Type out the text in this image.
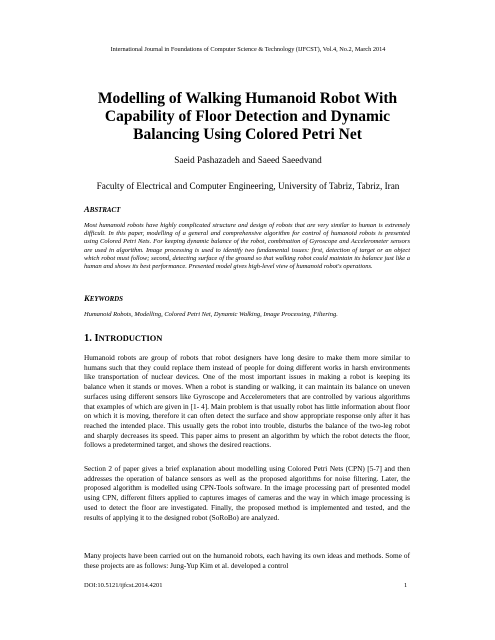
International Journal in Foundations of Computer Science & Technology (IJFCST), Vol.4, No.2, March 2014
Modelling of Walking Humanoid Robot With Capability of Floor Detection and Dynamic Balancing Using Colored Petri Net
Saeid Pashazadeh and Saeed Saeedvand
Faculty of Electrical and Computer Engineering, University of Tabriz, Tabriz, Iran
ABSTRACT
Most humanoid robots have highly complicated structure and design of robots that are very similar to human is extremely difficult. In this paper, modelling of a general and comprehensive algorithm for control of humanoid robots is presented using Colored Petri Nets. For keeping dynamic balance of the robot, combination of Gyroscope and Accelerometer sensors are used in algorithm. Image processing is used to identify two fundamental issues: first, detection of target or an object which robot must follow; second, detecting surface of the ground so that walking robot could maintain its balance just like a human and shows its best performance. Presented model gives high-level view of humanoid robot's operations.
KEYWORDS
Humanoid Robots, Modelling, Colored Petri Net, Dynamic Walking, Image Processing, Filtering.
1. INTRODUCTION
Humanoid robots are group of robots that robot designers have long desire to make them more similar to humans such that they could replace them instead of people for doing different works in harsh environments like transportation of nuclear devices. One of the most important issues in making a robot is keeping its balance when it stands or moves. When a robot is standing or walking, it can maintain its balance on uneven surfaces using different sensors like Gyroscope and Accelerometers that are controlled by various algorithms that examples of which are given in [1- 4]. Main problem is that usually robot has little information about floor on which it is moving, therefore it can often detect the surface and show appropriate response only after it has reached the intended place. This usually gets the robot into trouble, disturbs the balance of the two-leg robot and sharply decreases its speed. This paper aims to present an algorithm by which the robot detects the floor, follows a predetermined target, and shows the desired reactions.
Section 2 of paper gives a brief explanation about modelling using Colored Petri Nets (CPN) [5-7] and then addresses the operation of balance sensors as well as the proposed algorithms for noise filtering. Later, the proposed algorithm is modelled using CPN-Tools software. In the image processing part of presented model using CPN, different filters applied to captures images of cameras and the way in which image processing is used to detect the floor are investigated. Finally, the proposed method is implemented and tested, and the results of applying it to the designed robot (SoRoBo) are analyzed.
Many projects have been carried out on the humanoid robots, each having its own ideas and methods. Some of these projects are as follows: Jung-Yup Kim et al. developed a control
DOI:10.5121/ijfcst.2014.4201	1
